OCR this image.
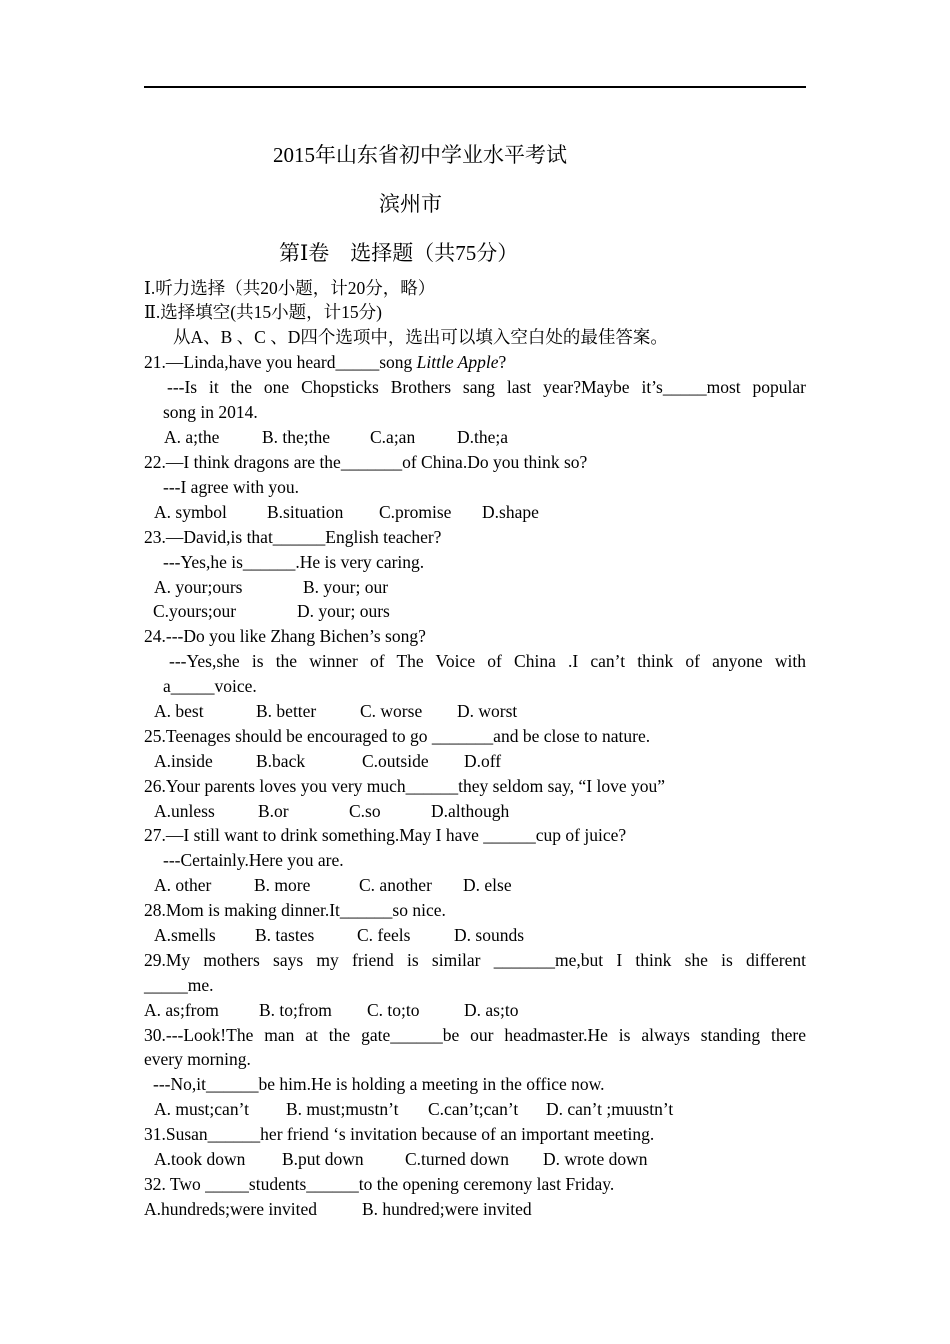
2015年山东省初中学业水平考试
滨州市
第Ⅰ卷　选择题（共75分）
Ⅰ.听力选择（共20小题，计20分，略）
Ⅱ.选择填空(共15小题，计15分)
从A、B 、C 、D四个选项中，选出可以填入空白处的最佳答案。
21.—Linda,have you heard_____song Little Apple?
---Is it the one Chopsticks Brothers sang last year?Maybe it’s_____most popular
song in 2014.
A. a;the B. the;the C.a;an D.the;a
22.—I think dragons are the_______of China.Do you think so?
---I agree with you.
A. symbol B.situation C.promise D.shape
23.—David,is that______English teacher?
---Yes,he is______.He is very caring.
A. your;ours	B. your; our
C.yours;our	D. your; ours
24.---Do you like Zhang Bichen’s song?
---Yes,she is the winner of The Voice of China .I can’t think of anyone with
a_____voice.
A. best	B. better C. worse D. worst
25.Teenages should be encouraged to go _______and be close to nature.
A.inside B.back	C.outside D.off
26.Your parents loves you very much______they seldom say, “I love you”
A.unless B.or	C.so	D.although
27.—I still want to drink something.May I have ______cup of juice?
---Certainly.Here you are.
A. other B. more	C. another D. else
28.Mom is making dinner.It______so nice.
A.smells B. tastes C. feels D. sounds
29.My mothers says my friend is similar _______me,but I think she is different
_____me.
A. as;from B. to;from C. to;to	D. as;to
30.---Look!The man at the gate______be our headmaster.He is always standing there
every morning.
---No,it______be him.He is holding a meeting in the office now.
A. must;can’t B. must;mustn’t C.can’t;can’t D. can’t ;muustn’t
31.Susan______her friend ‘s invitation because of an important meeting.
A.took down B.put down C.turned down D. wrote down
32. Two _____students______to the opening ceremony last Friday.
A.hundreds;were invited	B. hundred;were invited
